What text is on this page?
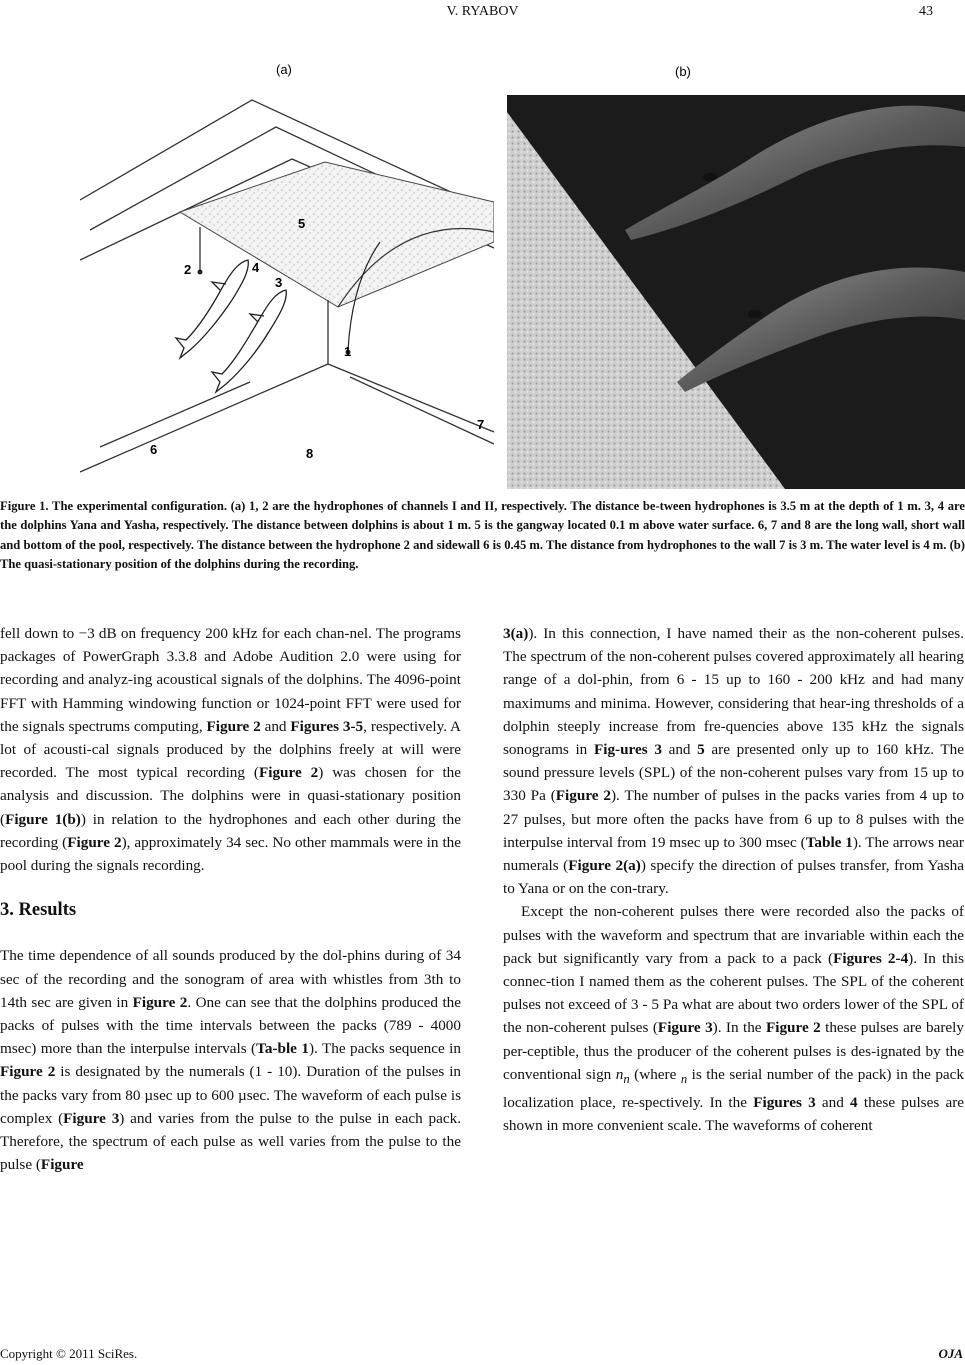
V. RYABOV	43
2	4
3
5
1
6
7
8
(a)	(b)
Figure 1. The experimental configuration. (a) 1, 2 are the hydrophones of channels I and II, respectively. The distance be-tween hydrophones is 3.5 m at the depth of 1 m. 3, 4 are the dolphins Yana and Yasha, respectively. The distance between dolphins is about 1 m. 5 is the gangway located 0.1 m above water surface. 6, 7 and 8 are the long wall, short wall and bottom of the pool, respectively. The distance between the hydrophone 2 and sidewall 6 is 0.45 m. The distance from hydrophones to the wall 7 is 3 m. The water level is 4 m. (b) The quasi-stationary position of the dolphins during the recording.

fell down to −3 dB on frequency 200 kHz for each chan-nel. The programs packages of PowerGraph 3.3.8 and Adobe Audition 2.0 were using for recording and analyz-ing acoustical signals of the dolphins. The 4096-point FFT with Hamming windowing function or 1024-point FFT were used for the signals spectrums computing, Figure 2 and Figures 3-5, respectively. A lot of acousti-cal signals produced by the dolphins freely at will were recorded. The most typical recording (Figure 2) was chosen for the analysis and discussion. The dolphins were in quasi-stationary position (Figure 1(b)) in relation to the hydrophones and each other during the recording (Figure 2), approximately 34 sec. No other mammals were in the pool during the signals recording.

3. Results

The time dependence of all sounds produced by the dol-phins during of 34 sec of the recording and the sonogram of area with whistles from 3th to 14th sec are given in Figure 2. One can see that the dolphins produced the packs of pulses with the time intervals between the packs (789 - 4000 msec) more than the interpulse intervals (Ta-ble 1). The packs sequence in Figure 2 is designated by the numerals (1 - 10). Duration of the pulses in the packs vary from 80 µsec up to 600 µsec. The waveform of each pulse is complex (Figure 3) and varies from the pulse to the pulse in each pack. Therefore, the spectrum of each pulse as well varies from the pulse to the pulse (Figure

3(a)). In this connection, I have named their as the non-coherent pulses. The spectrum of the non-coherent pulses covered approximately all hearing range of a dol-phin, from 6 - 15 up to 160 - 200 kHz and had many maximums and minima. However, considering that hear-ing thresholds of a dolphin steeply increase from fre-quencies above 135 kHz the signals sonograms in Fig-ures 3 and 5 are presented only up to 160 kHz. The sound pressure levels (SPL) of the non-coherent pulses vary from 15 up to 330 Pa (Figure 2). The number of pulses in the packs varies from 4 up to 27 pulses, but more often the packs have from 6 up to 8 pulses with the interpulse interval from 19 msec up to 300 msec (Table 1). The arrows near numerals (Figure 2(a)) specify the direction of pulses transfer, from Yasha to Yana or on the con-trary.

Except the non-coherent pulses there were recorded also the packs of pulses with the waveform and spectrum that are invariable within each the pack but significantly vary from a pack to a pack (Figures 2-4). In this connec-tion I named them as the coherent pulses. The SPL of the coherent pulses not exceed of 3 - 5 Pa what are about two orders lower of the SPL of the non-coherent pulses (Figure 3). In the Figure 2 these pulses are barely per-ceptible, thus the producer of the coherent pulses is des-ignated by the conventional sign $n_n$ (where $_n$ is the serial number of the pack) in the pack localization place, re-spectively. In the Figures 3 and 4 these pulses are shown in more convenient scale. The waveforms of coherent

Copyright © 2011 SciRes.	OJA
